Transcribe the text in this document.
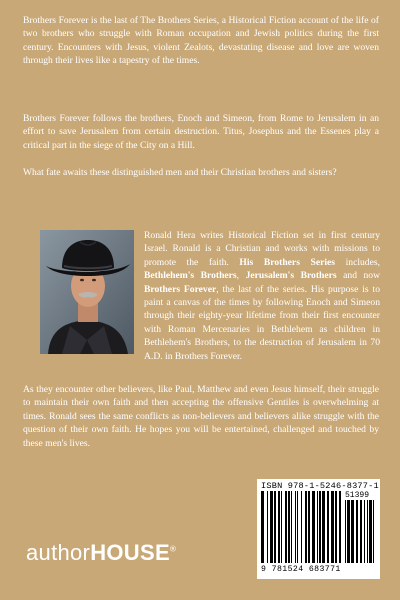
Brothers Forever is the last of The Brothers Series, a Historical Fiction account of the life of two brothers who struggle with Roman occupation and Jewish politics during the first century. Encounters with Jesus, violent Zealots, devastating disease and love are woven through their lives like a tapestry of the times.

Brothers Forever follows the brothers, Enoch and Simeon, from Rome to Jerusalem in an effort to save Jerusalem from certain destruction. Titus, Josephus and the Essenes play a critical part in the siege of the City on a Hill.

What fate awaits these distinguished men and their Christian brothers and sisters?

Ronald Hera writes Historical Fiction set in first century Israel. Ronald is a Christian and works with missions to promote the faith. His Brothers Series includes, Bethlehem's Brothers, Jerusalem's Brothers and now Brothers Forever, the last of the series. His purpose is to paint a canvas of the times by following Enoch and Simeon through their eighty-year lifetime from their first encounter with Roman Mercenaries in Bethlehem as children in Bethlehem's Brothers, to the destruction of Jerusalem in 70 A.D. in Brothers Forever.

As they encounter other believers, like Paul, Matthew and even Jesus himself, their struggle to maintain their own faith and then accepting the offensive Gentiles is overwhelming at times. Ronald sees the same conflicts as non-believers and believers alike struggle with the question of their own faith. He hopes you will be entertained, challenged and touched by these men's lives.

authorHOUSE®
ISBN 978-1-5246-8377-1
51399
9 781524 683771
